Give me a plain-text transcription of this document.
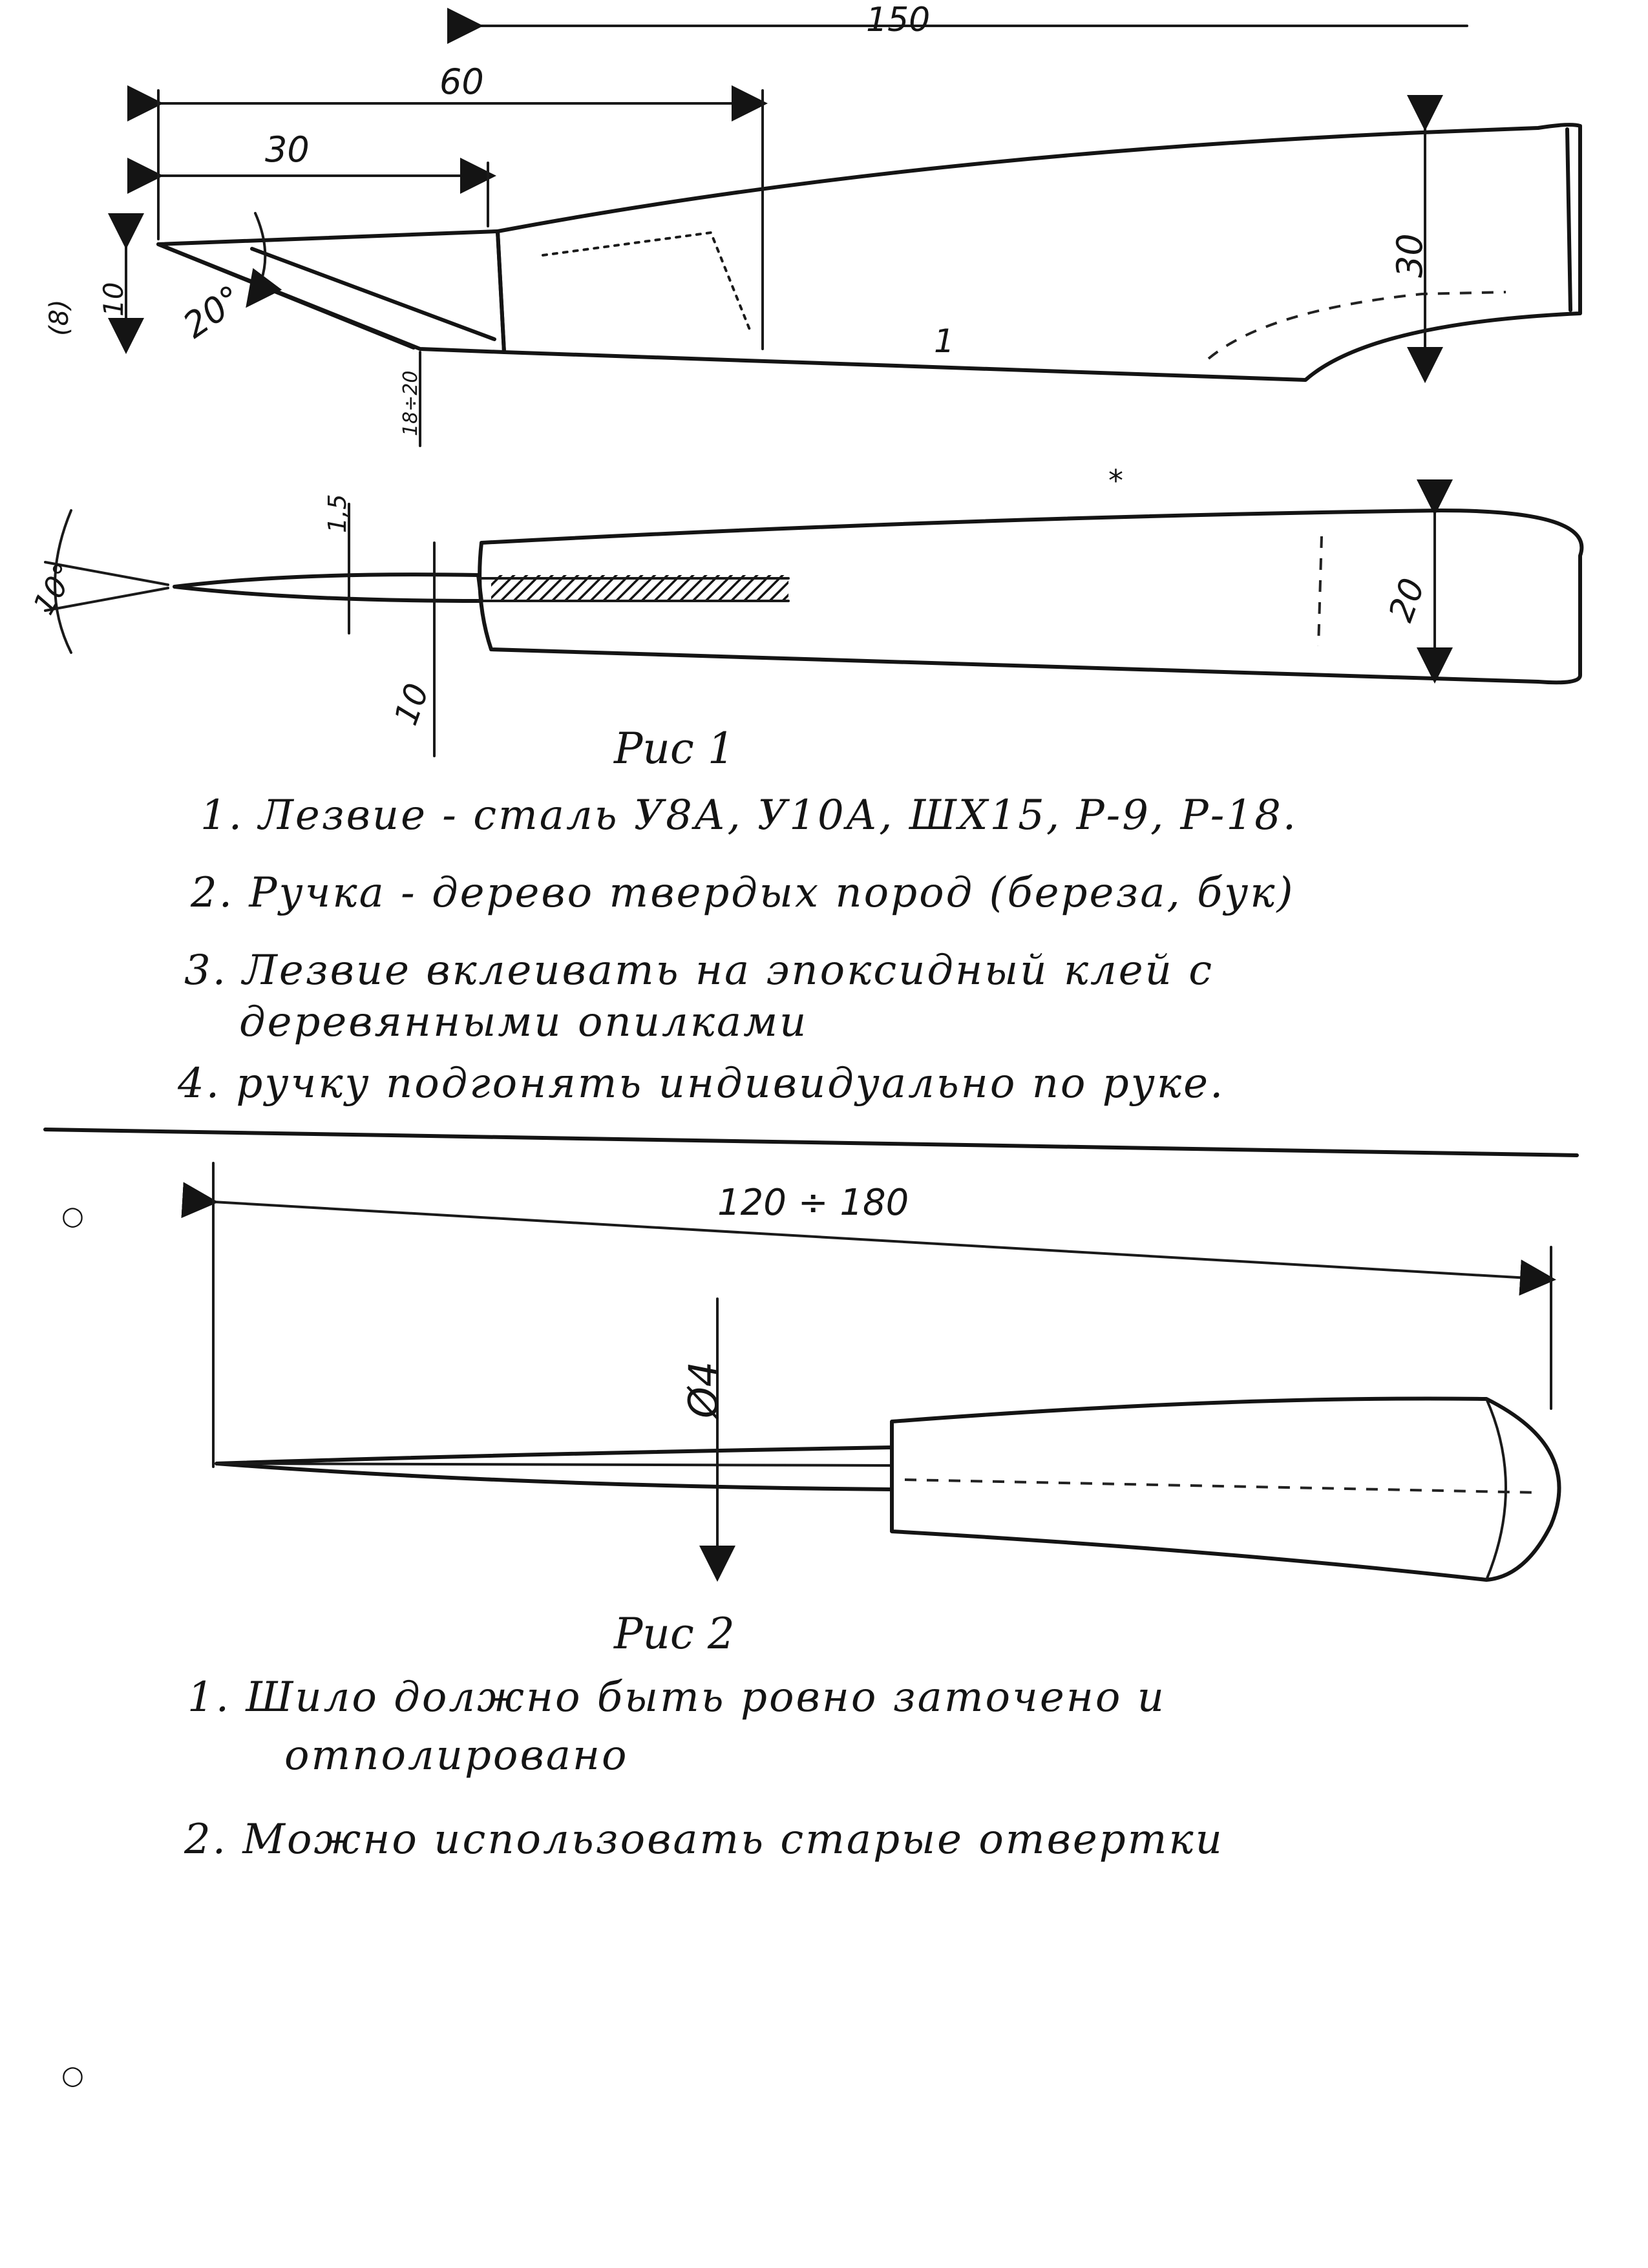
150
60
30
20°
30
10
18÷20
1
(8)
1,5
10°	20
10
120 ÷ 180
Ø4
○
○
*

Рис 1

1. Лезвие - сталь У8А, У10А, ШХ15, Р-9, Р-18.

2. Ручка - дерево твердых пород (береза, бук)

3. Лезвие вклеивать на эпоксидный клей с

деревянными опилками

4. ручку подгонять индивидуально по руке.

Рис 2

1. Шило должно быть ровно заточено и

отполировано

2. Можно использовать старые отвертки
